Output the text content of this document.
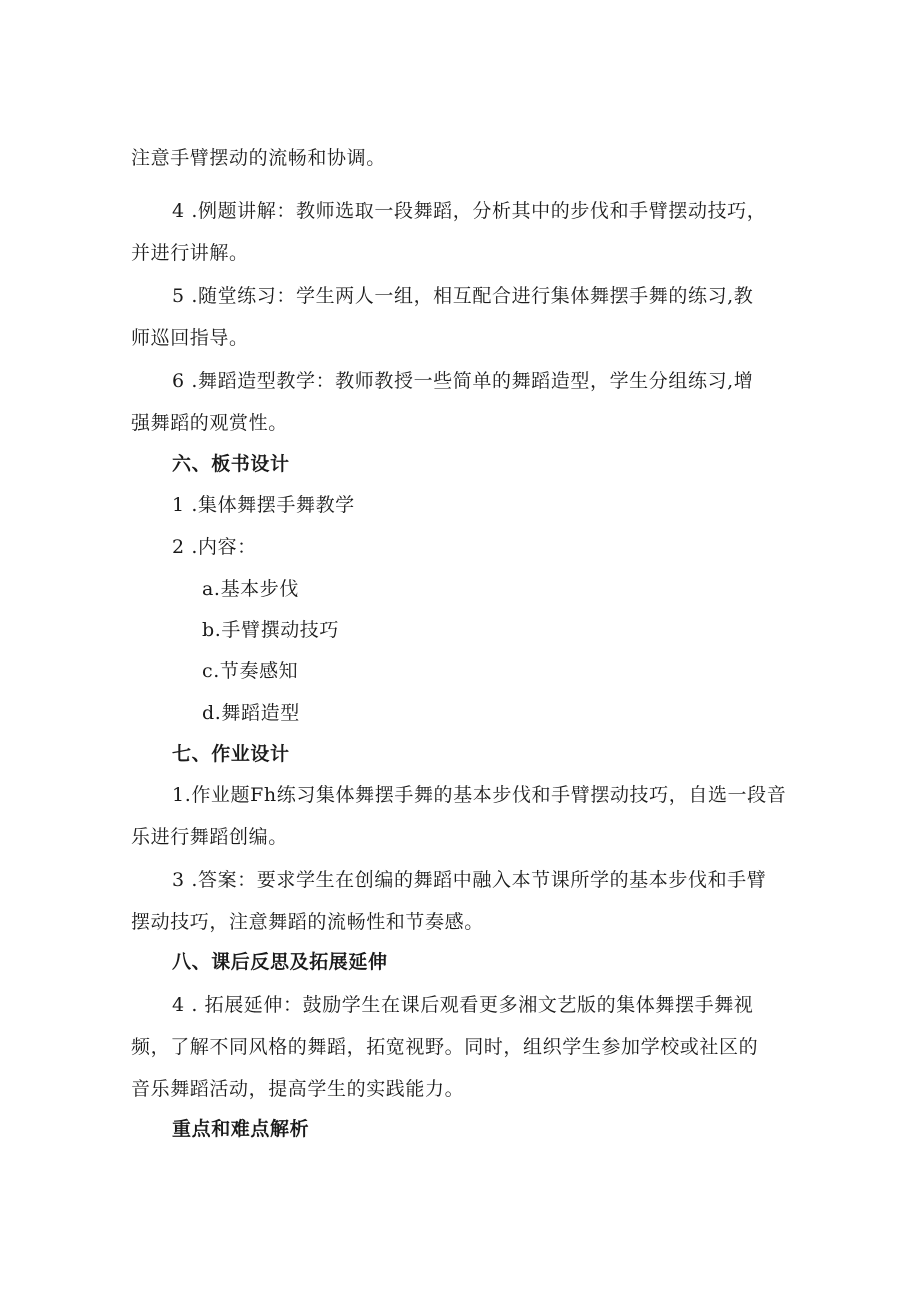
注意手臂摆动的流畅和协调。
4 .例题讲解：教师选取一段舞蹈，分析其中的步伐和手臂摆动技巧，
并进行讲解。
5 .随堂练习：学生两人一组，相互配合进行集体舞摆手舞的练习,教
师巡回指导。
6 .舞蹈造型教学：教师教授一些简单的舞蹈造型，学生分组练习,增
强舞蹈的观赏性。
六、板书设计
1 .集体舞摆手舞教学
2 .内容：
a.基本步伐
b.手臂撰动技巧
c.节奏感知
d.舞蹈造型
七、作业设计
1.作业题Fh练习集体舞摆手舞的基本步伐和手臂摆动技巧，自选一段音
乐进行舞蹈创编。
3 .答案：要求学生在创编的舞蹈中融入本节课所学的基本步伐和手臂
摆动技巧，注意舞蹈的流畅性和节奏感。
八、课后反思及拓展延伸
4 . 拓展延伸：鼓励学生在课后观看更多湘文艺版的集体舞摆手舞视
频，了解不同风格的舞蹈，拓宽视野。同时，组织学生参加学校或社区的
音乐舞蹈活动，提高学生的实践能力。
重点和难点解析
